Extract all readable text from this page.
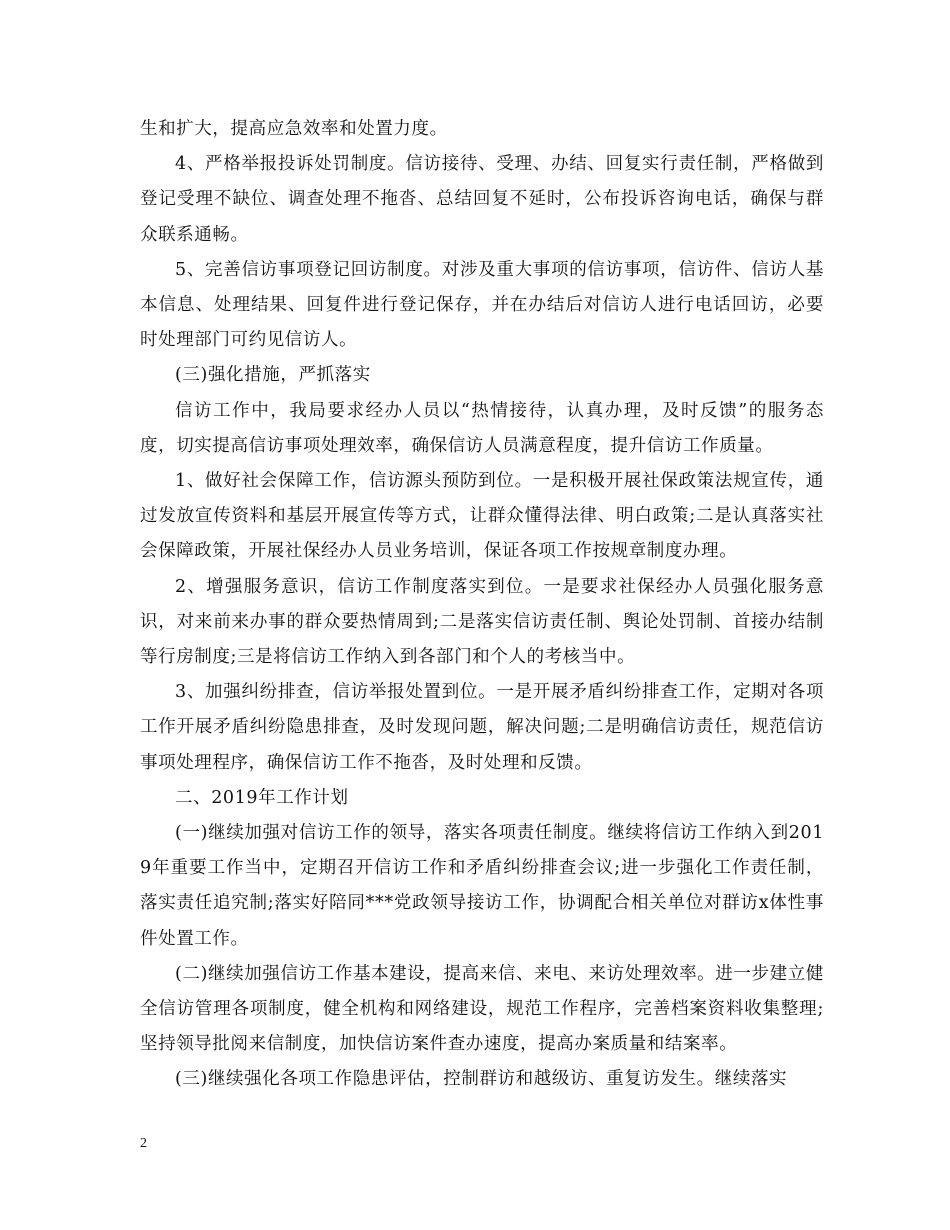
生和扩大，提高应急效率和处置力度。

4、严格举报投诉处罚制度。信访接待、受理、办结、回复实行责任制，严格做到登记受理不缺位、调查处理不拖沓、总结回复不延时，公布投诉咨询电话，确保与群众联系通畅。

5、完善信访事项登记回访制度。对涉及重大事项的信访事项，信访件、信访人基本信息、处理结果、回复件进行登记保存，并在办结后对信访人进行电话回访，必要时处理部门可约见信访人。

(三)强化措施，严抓落实

信访工作中，我局要求经办人员以“热情接待，认真办理，及时反馈”的服务态度，切实提高信访事项处理效率，确保信访人员满意程度，提升信访工作质量。

1、做好社会保障工作，信访源头预防到位。一是积极开展社保政策法规宣传，通过发放宣传资料和基层开展宣传等方式，让群众懂得法律、明白政策;二是认真落实社会保障政策，开展社保经办人员业务培训，保证各项工作按规章制度办理。

2、增强服务意识，信访工作制度落实到位。一是要求社保经办人员强化服务意识，对来前来办事的群众要热情周到;二是落实信访责任制、舆论处罚制、首接办结制等行房制度;三是将信访工作纳入到各部门和个人的考核当中。

3、加强纠纷排查，信访举报处置到位。一是开展矛盾纠纷排查工作，定期对各项工作开展矛盾纠纷隐患排查，及时发现问题，解决问题;二是明确信访责任，规范信访事项处理程序，确保信访工作不拖沓，及时处理和反馈。

二、2019年工作计划

(一)继续加强对信访工作的领导，落实各项责任制度。继续将信访工作纳入到2019年重要工作当中，定期召开信访工作和矛盾纠纷排查会议;进一步强化工作责任制，落实责任追究制;落实好陪同***党政领导接访工作，协调配合相关单位对群访x体性事件处置工作。

(二)继续加强信访工作基本建设，提高来信、来电、来访处理效率。进一步建立健全信访管理各项制度，健全机构和网络建设，规范工作程序，完善档案资料收集整理;坚持领导批阅来信制度，加快信访案件查办速度，提高办案质量和结案率。

(三)继续强化各项工作隐患评估，控制群访和越级访、重复访发生。继续落实

2
